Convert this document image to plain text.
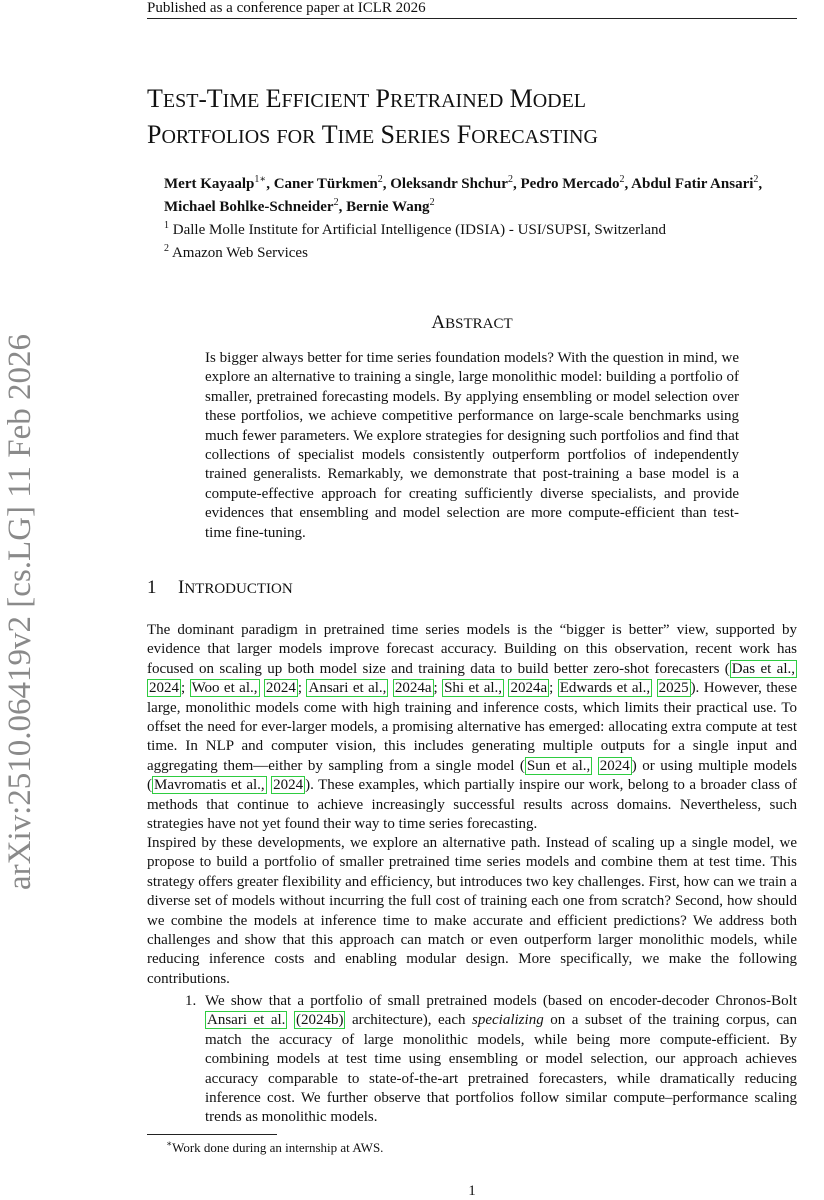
Published as a conference paper at ICLR 2026
arXiv:2510.06419v2 [cs.LG] 11 Feb 2026
TEST-TIME EFFICIENT PRETRAINED MODEL
PORTFOLIOS FOR TIME SERIES FORECASTING
Mert Kayaalp$^{1∗}$, Caner Türkmen$^2$, Oleksandr Shchur$^2$, Pedro Mercado$^2$, Abdul Fatir Ansari$^2$,
Michael Bohlke-Schneider$^2$, Bernie Wang$^2$
$^1$ Dalle Molle Institute for Artificial Intelligence (IDSIA) - USI/SUPSI, Switzerland
$^2$ Amazon Web Services
ABSTRACT
Is bigger always better for time series foundation models? With the question in mind, we explore an alternative to training a single, large monolithic model: building a portfolio of smaller, pretrained forecasting models. By applying ensembling or model selection over these portfolios, we achieve competitive performance on large-scale benchmarks using much fewer parameters. We explore strategies for designing such portfolios and find that collections of specialist models consistently outperform portfolios of independently trained generalists. Remarkably, we demonstrate that post-training a base model is a compute-effective approach for creating sufficiently diverse specialists, and provide evidences that ensembling and model selection are more compute-efficient than test-time fine-tuning.
1 INTRODUCTION
The dominant paradigm in pretrained time series models is the “bigger is better” view, supported by evidence that larger models improve forecast accuracy. Building on this observation, recent work has focused on scaling up both model size and training data to build better zero-shot forecasters ( Das et al., 2024 ; Woo et al., 2024 ; Ansari et al., 2024a ; Shi et al., 2024a ; Edwards et al., 2025 ). However, these large, monolithic models come with high training and inference costs, which limits their practical use. To offset the need for ever-larger models, a promising alternative has emerged: allocating extra compute at test time. In NLP and computer vision, this includes generating multiple outputs for a single input and aggregating them—either by sampling from a single model ( Sun et al., 2024 ) or using multiple models ( Mavromatis et al., 2024 ). These examples, which partially inspire our work, belong to a broader class of methods that continue to achieve increasingly successful results across domains. Nevertheless, such strategies have not yet found their way to time series forecasting.
Inspired by these developments, we explore an alternative path. Instead of scaling up a single model, we propose to build a portfolio of smaller pretrained time series models and combine them at test time. This strategy offers greater flexibility and efficiency, but introduces two key challenges. First, how can we train a diverse set of models without incurring the full cost of training each one from scratch? Second, how should we combine the models at inference time to make accurate and efficient predictions? We address both challenges and show that this approach can match or even outperform larger monolithic models, while reducing inference costs and enabling modular design. More specifically, we make the following contributions.
1. We show that a portfolio of small pretrained models (based on encoder-decoder Chronos-Bolt Ansari et al. (2024b) architecture), each specializing on a subset of the training corpus, can match the accuracy of large monolithic models, while being more compute-efficient. By combining models at test time using ensembling or model selection, our approach achieves accuracy comparable to state-of-the-art pretrained forecasters, while dramatically reducing inference cost. We further observe that portfolios follow similar compute–performance scaling trends as monolithic models.
∗Work done during an internship at AWS.
1
